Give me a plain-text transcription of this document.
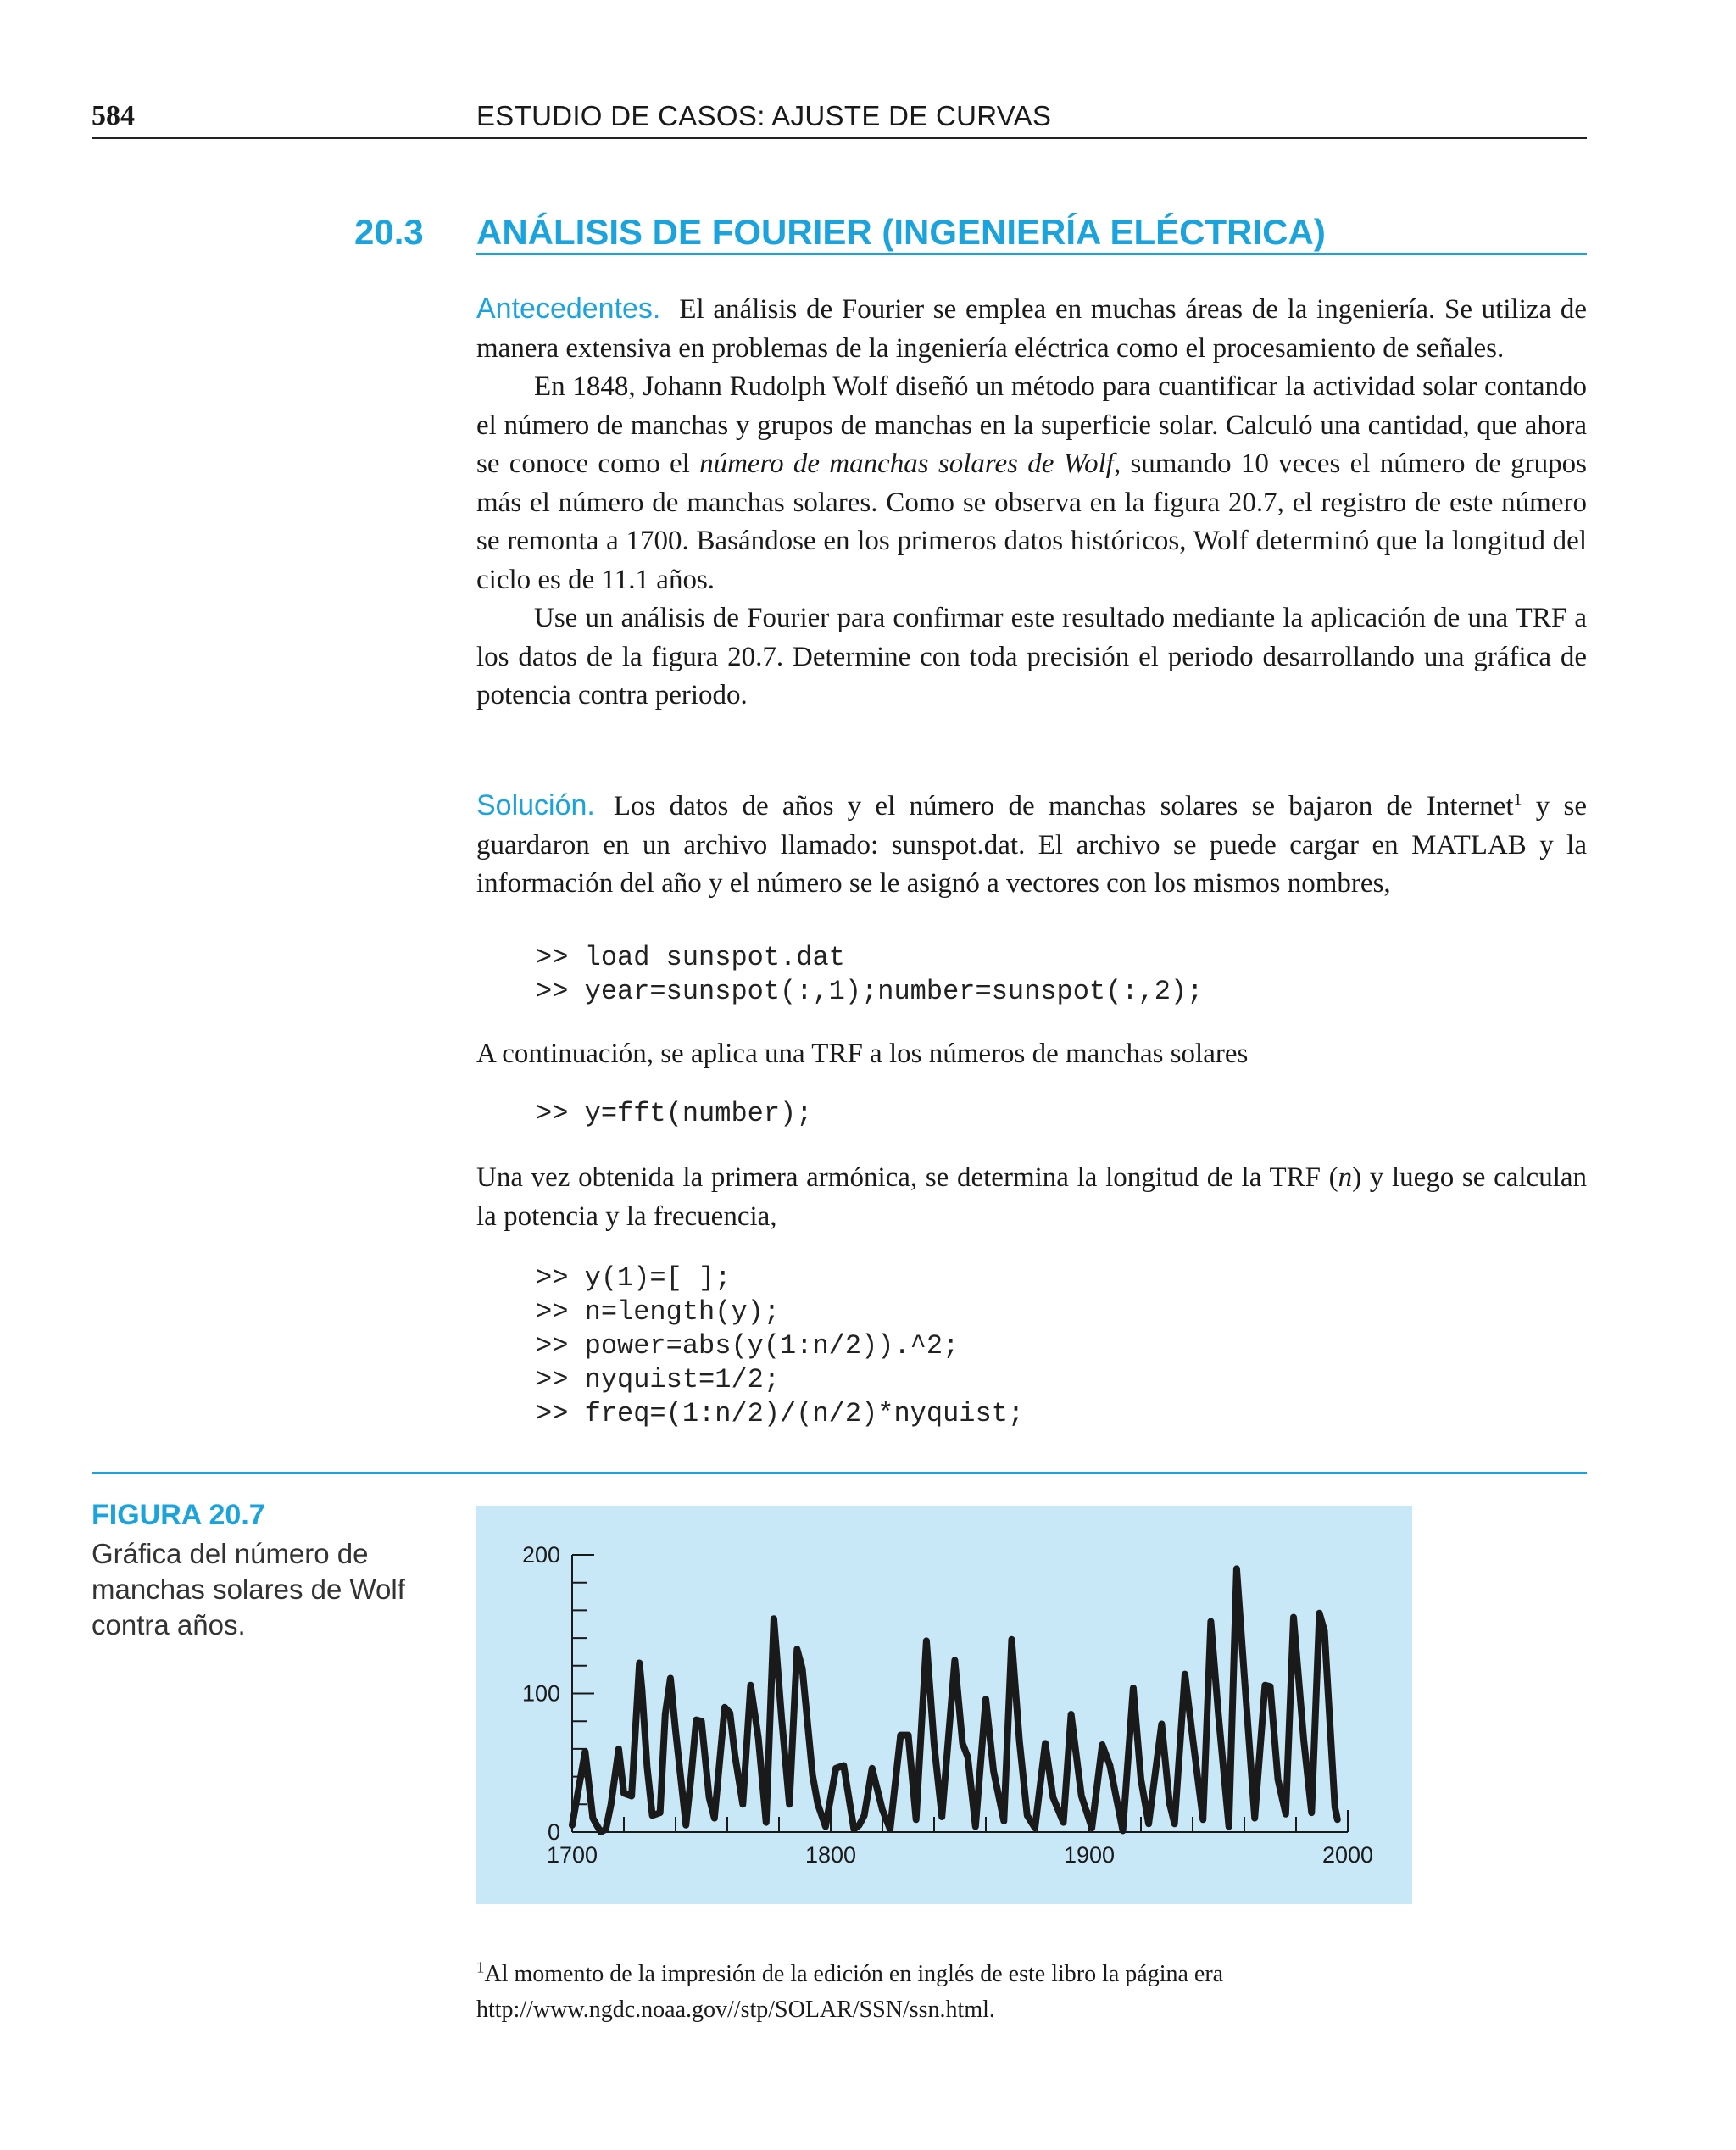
584	ESTUDIO DE CASOS: AJUSTE DE CURVAS
20.3 ANÁLISIS DE FOURIER (INGENIERÍA ELÉCTRICA)

Antecedentes. El análisis de Fourier se emplea en muchas áreas de la ingeniería. Se utiliza de manera extensiva en problemas de la ingeniería eléctrica como el procesamiento de señales.

En 1848, Johann Rudolph Wolf diseñó un método para cuantificar la actividad solar contando el número de manchas y grupos de manchas en la superficie solar. Calculó una cantidad, que ahora se conoce como el número de manchas solares de Wolf, sumando 10 veces el número de grupos más el número de manchas solares. Como se observa en la figura 20.7, el registro de este número se remonta a 1700. Basándose en los primeros datos históricos, Wolf determinó que la longitud del ciclo es de 11.1 años.

Use un análisis de Fourier para confirmar este resultado mediante la aplicación de una TRF a los datos de la figura 20.7. Determine con toda precisión el periodo desarrollando una gráfica de potencia contra periodo.

Solución. Los datos de años y el número de manchas solares se bajaron de Internet$^1$ y se guardaron en un archivo llamado: sunspot.dat. El archivo se puede cargar en MATLAB y la información del año y el número se le asignó a vectores con los mismos nombres,

>> load sunspot.dat
>> year=sunspot(:,1);number=sunspot(:,2);

A continuación, se aplica una TRF a los números de manchas solares

>> y=fft(number);

Una vez obtenida la primera armónica, se determina la longitud de la TRF (n) y luego se calculan la potencia y la frecuencia,

>> y(1)=[ ];
>> n=length(y);
>> power=abs(y(1:n/2)).^2;
>> nyquist=1/2;
>> freq=(1:n/2)/(n/2)*nyquist;
FIGURA 20.7
Gráfica del número de manchas solares de Wolf contra años.
0
100
200
1700	1800	1900	2000
$^1$Al momento de la impresión de la edición en inglés de este libro la página era http://www.ngdc.noaa.gov//stp/SOLAR/SSN/ssn.html.
